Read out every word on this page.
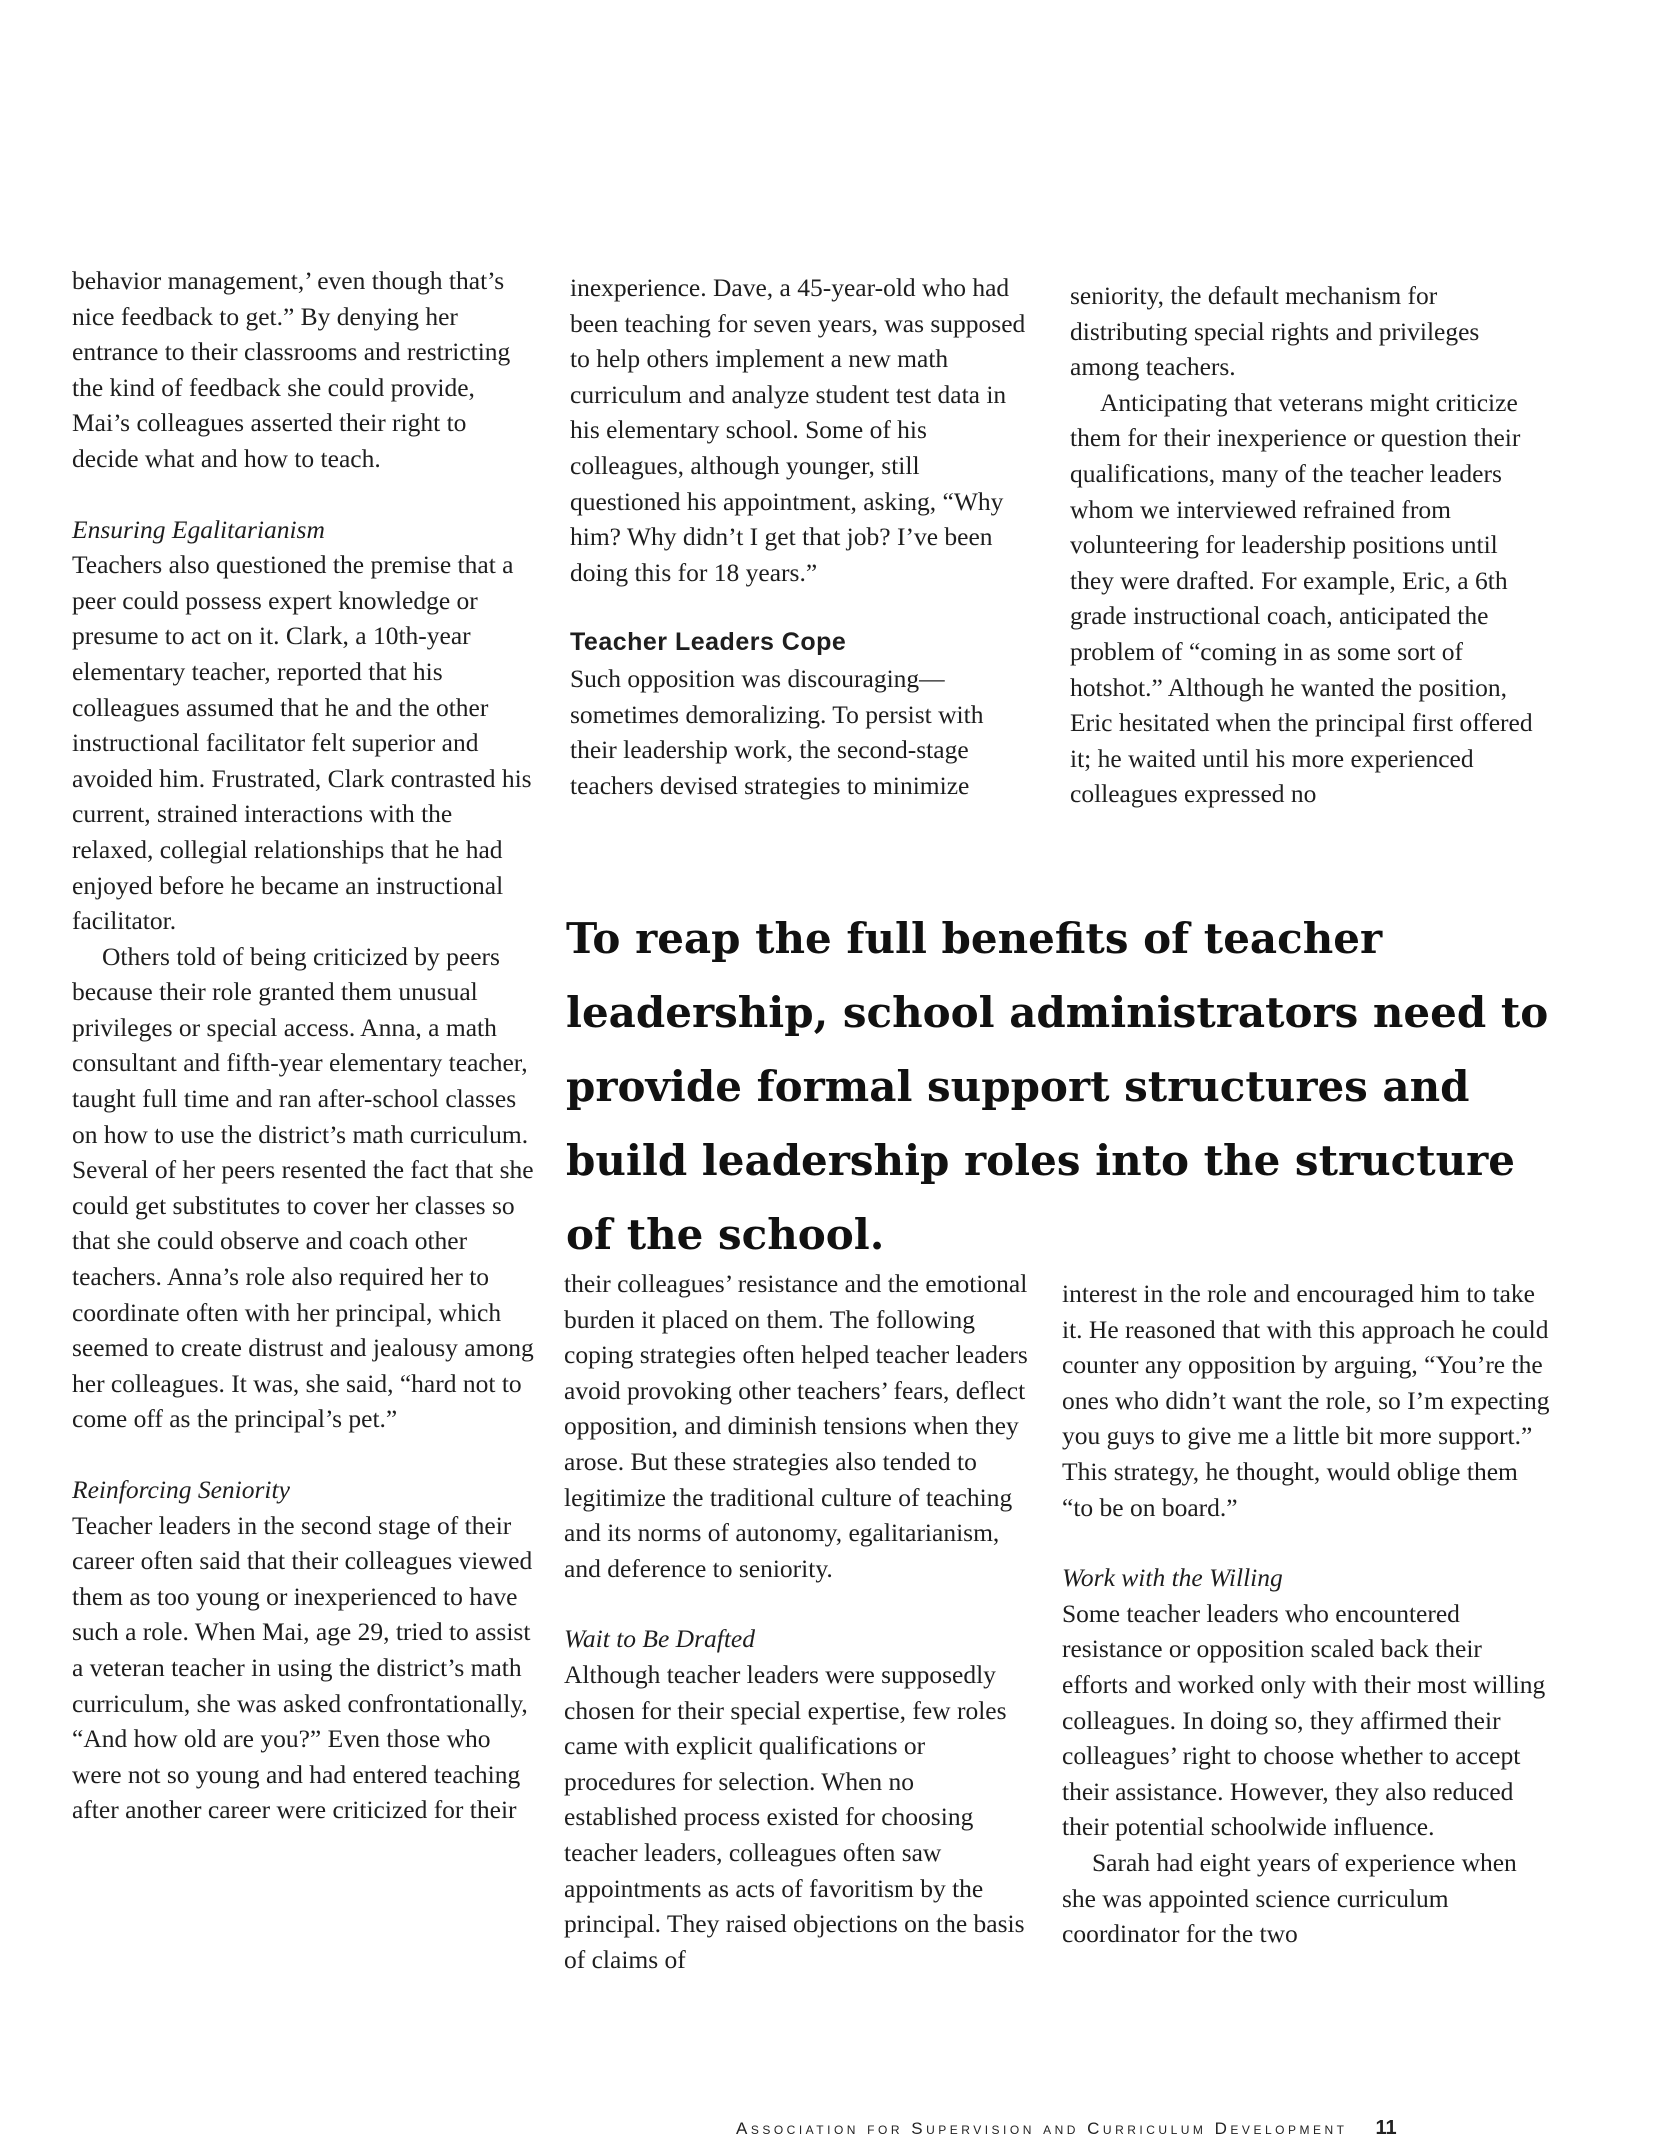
behavior management,’ even though that’s nice feedback to get.” By denying her entrance to their classrooms and restricting the kind of feedback she could provide, Mai’s colleagues asserted their right to decide what and how to teach.

Ensuring Egalitarianism

Teachers also questioned the premise that a peer could possess expert knowledge or presume to act on it. Clark, a 10th-year elementary teacher, reported that his colleagues assumed that he and the other instructional facilitator felt superior and avoided him. Frustrated, Clark contrasted his current, strained interactions with the relaxed, collegial relationships that he had enjoyed before he became an instructional facilitator.

Others told of being criticized by peers because their role granted them unusual privileges or special access. Anna, a math consultant and fifth-year elementary teacher, taught full time and ran after-school classes on how to use the district’s math curriculum. Several of her peers resented the fact that she could get substitutes to cover her classes so that she could observe and coach other teachers. Anna’s role also required her to coordinate often with her principal, which seemed to create distrust and jealousy among her colleagues. It was, she said, “hard not to come off as the principal’s pet.”

Reinforcing Seniority

Teacher leaders in the second stage of their career often said that their colleagues viewed them as too young or inexperienced to have such a role. When Mai, age 29, tried to assist a veteran teacher in using the district’s math curriculum, she was asked confrontationally, “And how old are you?” Even those who were not so young and had entered teaching after another career were criticized for their

inexperience. Dave, a 45-year-old who had been teaching for seven years, was supposed to help others implement a new math curriculum and analyze student test data in his elementary school. Some of his colleagues, although younger, still questioned his appointment, asking, “Why him? Why didn’t I get that job? I’ve been doing this for 18 years.”

Teacher Leaders Cope

Such opposition was discouraging—sometimes demoralizing. To persist with their leadership work, the second-stage teachers devised strategies to minimize

seniority, the default mechanism for distributing special rights and privileges among teachers.

Anticipating that veterans might criticize them for their inexperience or question their qualifications, many of the teacher leaders whom we interviewed refrained from volunteering for leadership positions until they were drafted. For example, Eric, a 6th grade instructional coach, anticipated the problem of “coming in as some sort of hotshot.” Although he wanted the position, Eric hesitated when the principal first offered it; he waited until his more experienced colleagues expressed no

To reap the full benefits of teacher leadership, school administrators need to provide formal support structures and build leadership roles into the structure of the school.

their colleagues’ resistance and the emotional burden it placed on them. The following coping strategies often helped teacher leaders avoid provoking other teachers’ fears, deflect opposition, and diminish tensions when they arose. But these strategies also tended to legitimize the traditional culture of teaching and its norms of autonomy, egalitarianism, and deference to seniority.

Wait to Be Drafted

Although teacher leaders were supposedly chosen for their special expertise, few roles came with explicit qualifications or procedures for selection. When no established process existed for choosing teacher leaders, colleagues often saw appointments as acts of favoritism by the principal. They raised objections on the basis of claims of

interest in the role and encouraged him to take it. He reasoned that with this approach he could counter any opposition by arguing, “You’re the ones who didn’t want the role, so I’m expecting you guys to give me a little bit more support.” This strategy, he thought, would oblige them “to be on board.”

Work with the Willing

Some teacher leaders who encountered resistance or opposition scaled back their efforts and worked only with their most willing colleagues. In doing so, they affirmed their colleagues’ right to choose whether to accept their assistance. However, they also reduced their potential schoolwide influence.

Sarah had eight years of experience when she was appointed science curriculum coordinator for the two

Association for Supervision and Curriculum Development 11
